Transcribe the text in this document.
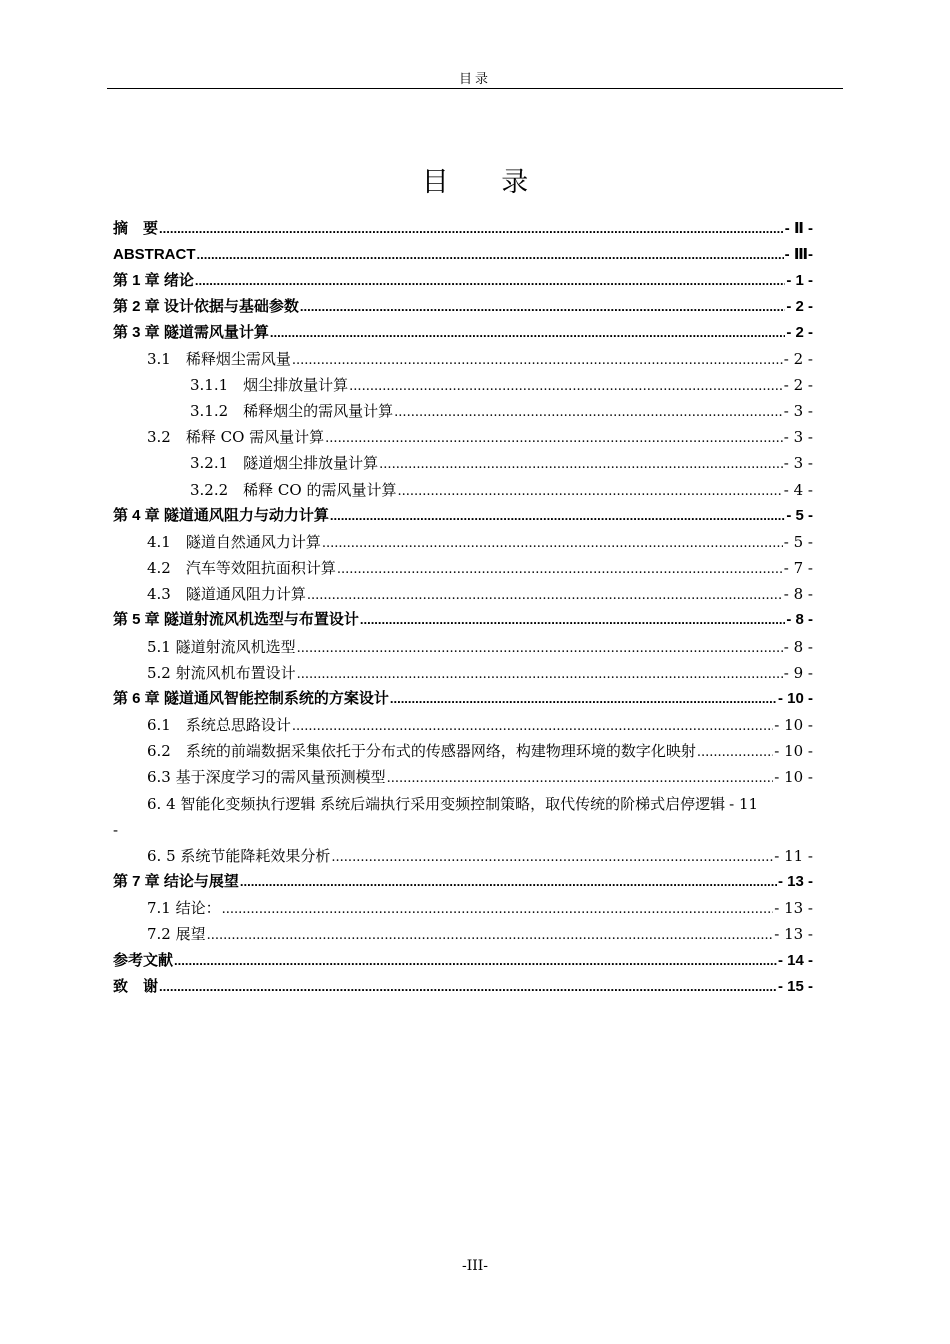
目录
目 录
摘　要 .....	- Ⅱ -
ABSTRACT .....	- Ⅲ-
第 1 章 绪论 .....	- 1 -
第 2 章 设计依据与基础参数 .....	- 2 -
第 3 章 隧道需风量计算 .....	- 2 -
3.1　稀释烟尘需风量 .....	- 2 -
3.1.1　烟尘排放量计算 .....	- 2 -
3.1.2　稀释烟尘的需风量计算 .....	- 3 -
3.2　稀释 CO 需风量计算 .....	- 3 -
3.2.1　隧道烟尘排放量计算 .....	- 3 -
3.2.2　稀释 CO 的需风量计算 .....	- 4 -
第 4 章 隧道通风阻力与动力计算 .....	- 5 -
4.1　隧道自然通风力计算 .....	- 5 -
4.2　汽车等效阻抗面积计算 .....	- 7 -
4.3　隧道通风阻力计算 .....	- 8 -
第 5 章 隧道射流风机选型与布置设计 .....	- 8 -
5.1 隧道射流风机选型 .....	- 8 -
5.2 射流风机布置设计 .....	- 9 -
第 6 章 隧道通风智能控制系统的方案设计 .....	- 10 -
6.1　系统总思路设计 .....	- 10 -
6.2　系统的前端数据采集依托于分布式的传感器网络，构建物理环境的数字化映射 .....	- 10 -
6.3 基于深度学习的需风量预测模型 .....	- 10 -
6. 4 智能化变频执行逻辑 系统后端执行采用变频控制策略，取代传统的阶梯式启停逻辑 - 11
-
6. 5 系统节能降耗效果分析 .....	- 11 -
第 7 章 结论与展望 .....	- 13 -
7.1 结论： .....	- 13 -
7.2 展望 .....	- 13 -
参考文献 .....	- 14 -
致　谢 .....	- 15 -
-III-
